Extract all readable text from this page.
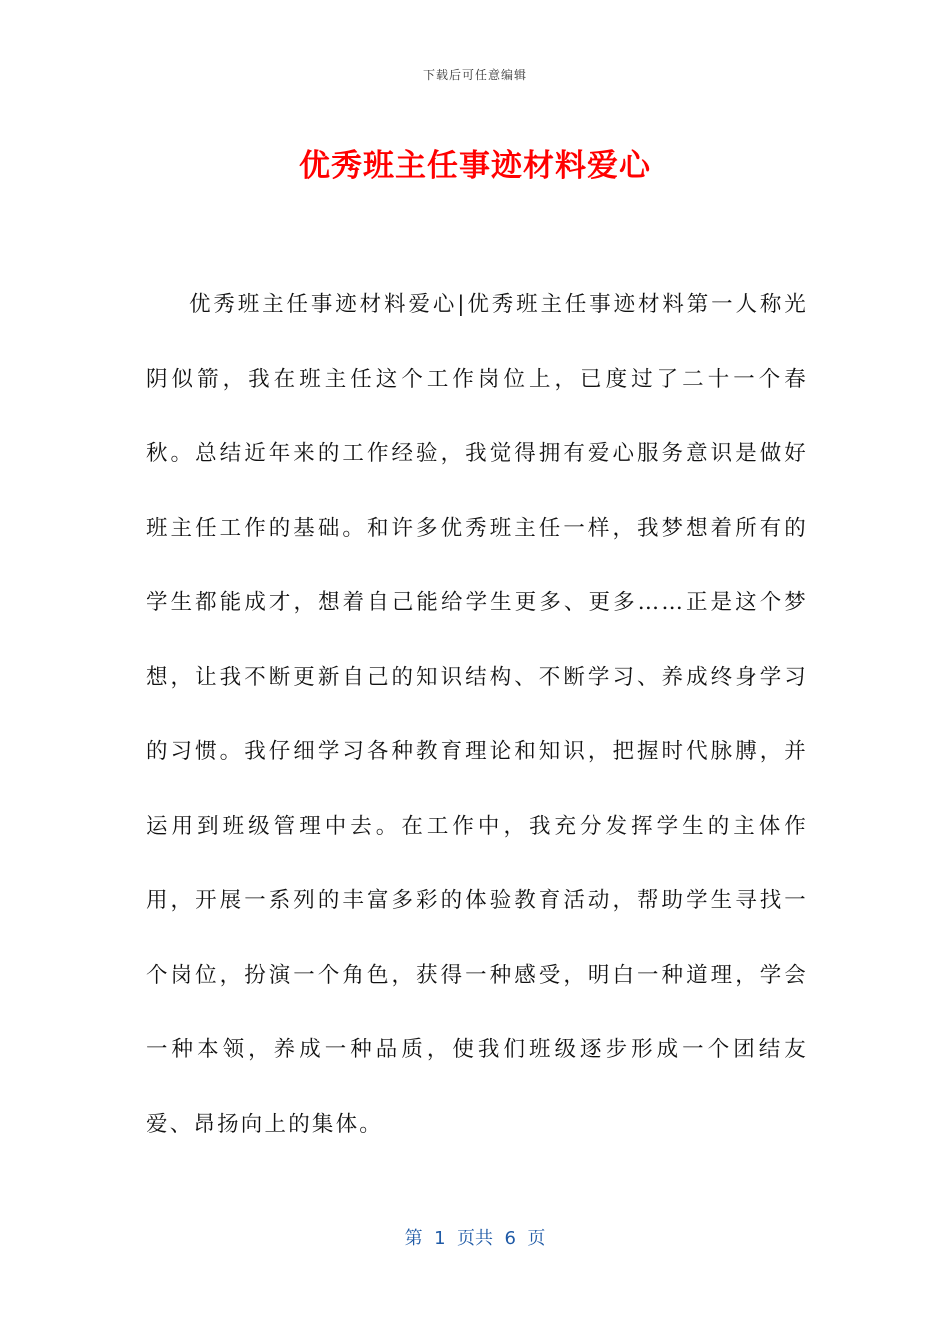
下载后可任意编辑
优秀班主任事迹材料爱心

优秀班主任事迹材料爱心|优秀班主任事迹材料第一人称光阴似箭，我在班主任这个工作岗位上，已度过了二十一个春秋。总结近年来的工作经验，我觉得拥有爱心服务意识是做好班主任工作的基础。和许多优秀班主任一样，我梦想着所有的学生都能成才，想着自己能给学生更多、更多……正是这个梦想，让我不断更新自己的知识结构、不断学习、养成终身学习的习惯。我仔细学习各种教育理论和知识，把握时代脉膊，并运用到班级管理中去。在工作中，我充分发挥学生的主体作用，开展一系列的丰富多彩的体验教育活动，帮助学生寻找一个岗位，扮演一个角色，获得一种感受，明白一种道理，学会一种本领，养成一种品质，使我们班级逐步形成一个团结友爱、昂扬向上的集体。

第  1  页共  6  页
